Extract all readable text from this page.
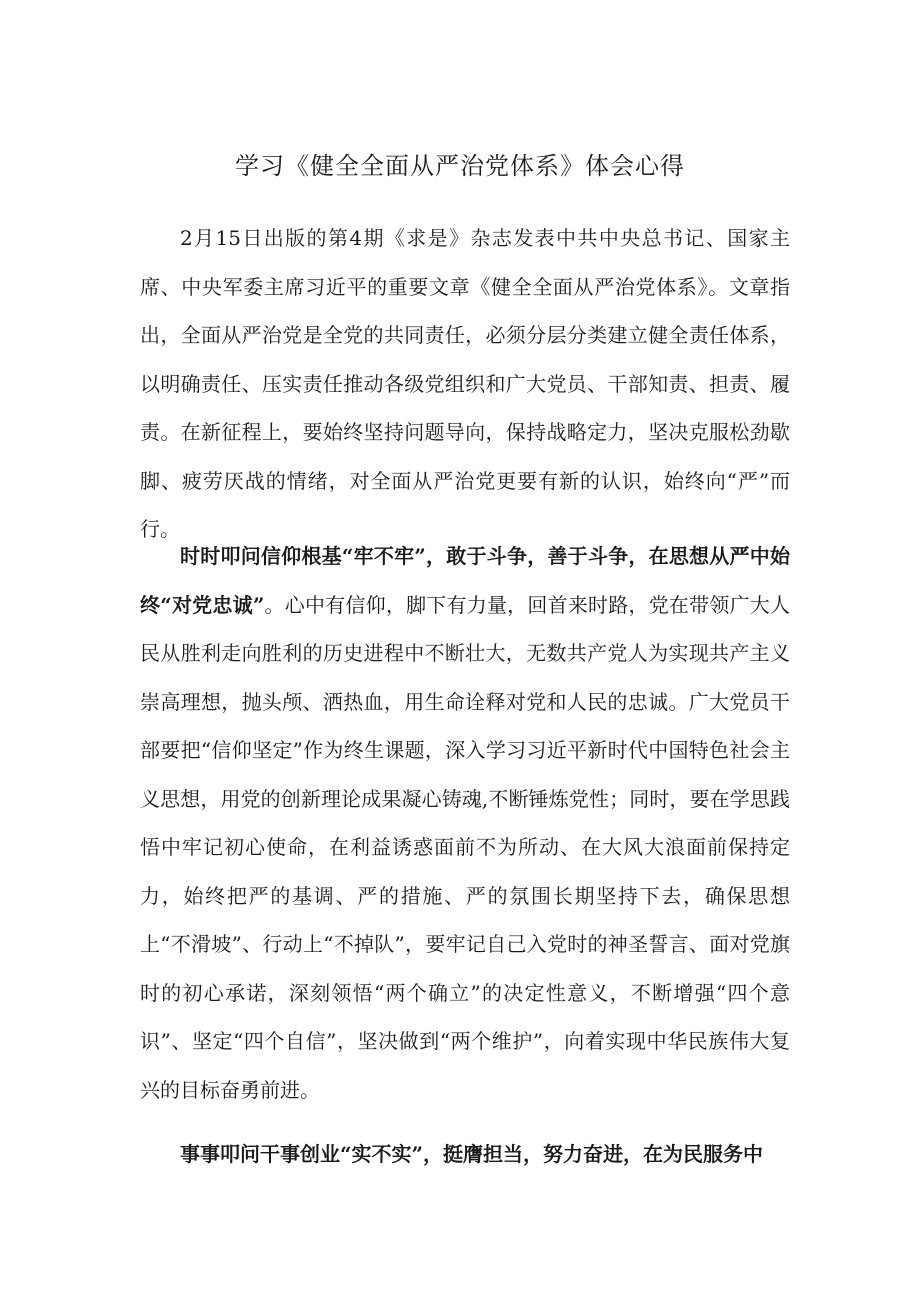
学习《健全全面从严治党体系》体会心得

2月15日出版的第4期《求是》杂志发表中共中央总书记、国家主席、中央军委主席习近平的重要文章《健全全面从严治党体系》。文章指出，全面从严治党是全党的共同责任，必须分层分类建立健全责任体系，以明确责任、压实责任推动各级党组织和广大党员、干部知责、担责、履责。在新征程上，要始终坚持问题导向，保持战略定力，坚决克服松劲歇脚、疲劳厌战的情绪，对全面从严治党更要有新的认识，始终向“严”而行。

时时叩问信仰根基“牢不牢”，敢于斗争，善于斗争，在思想从严中始终“对党忠诚”。心中有信仰，脚下有力量，回首来时路，党在带领广大人民从胜利走向胜利的历史进程中不断壮大，无数共产党人为实现共产主义崇高理想，抛头颅、洒热血，用生命诠释对党和人民的忠诚。广大党员干部要把“信仰坚定”作为终生课题，深入学习习近平新时代中国特色社会主义思想，用党的创新理论成果凝心铸魂,不断锤炼党性；同时，要在学思践悟中牢记初心使命，在利益诱惑面前不为所动、在大风大浪面前保持定力，始终把严的基调、严的措施、严的氛围长期坚持下去，确保思想上“不滑坡”、行动上“不掉队”，要牢记自己入党时的神圣誓言、面对党旗时的初心承诺，深刻领悟“两个确立”的决定性意义，不断增强“四个意识”、坚定“四个自信”，坚决做到“两个维护”，向着实现中华民族伟大复兴的目标奋勇前进。

事事叩问干事创业“实不实”，挺膺担当，努力奋进，在为民服务中
